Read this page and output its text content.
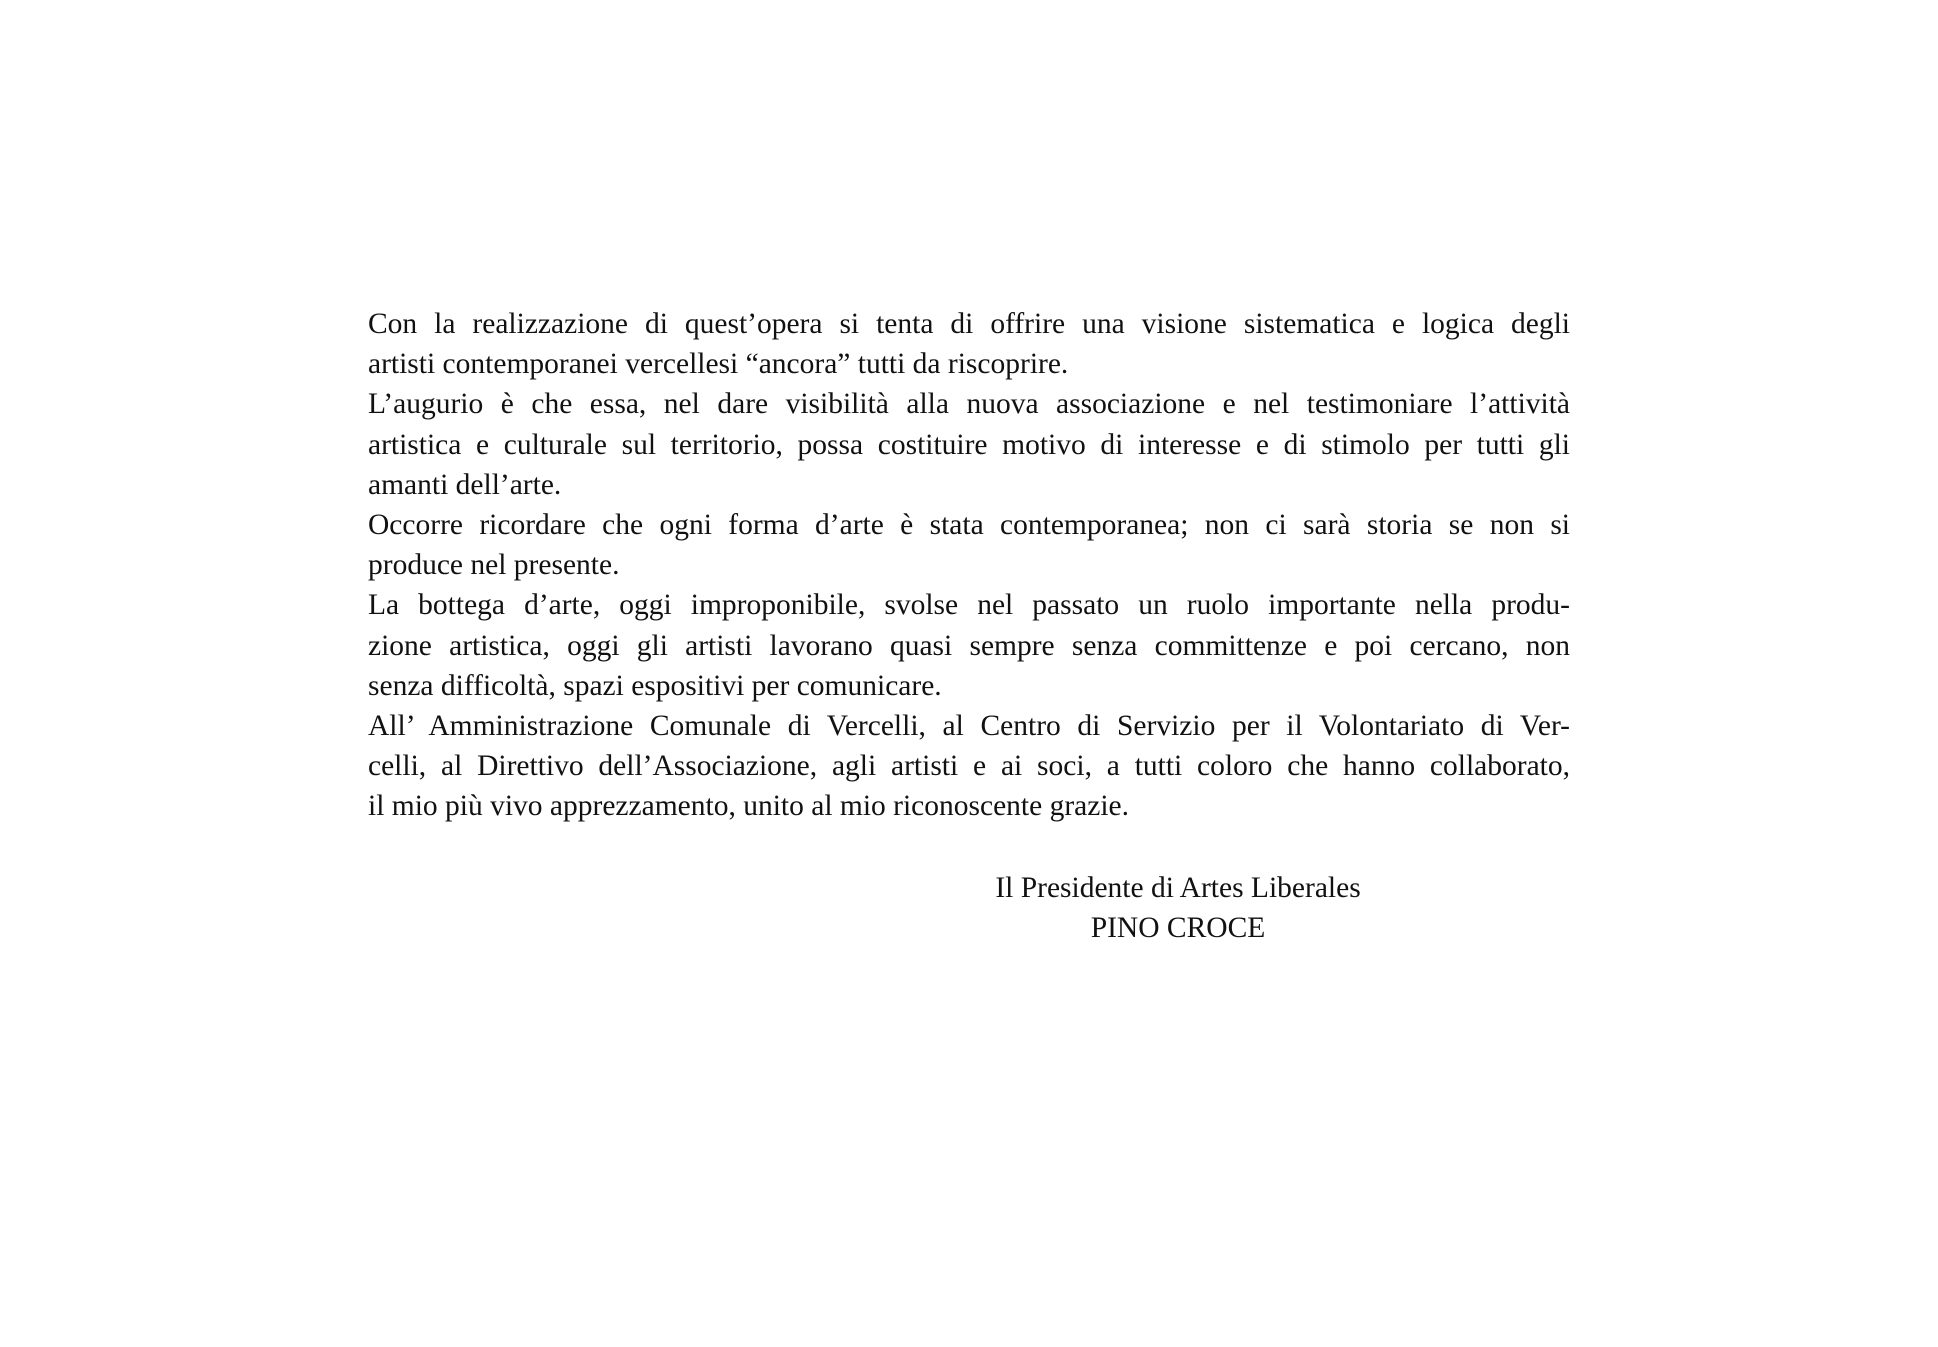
Con la realizzazione di quest’opera si tenta di offrire una visione sistematica e logica degli
artisti contemporanei vercellesi “ancora” tutti da riscoprire.
L’augurio è che essa, nel dare visibilità alla nuova associazione e nel testimoniare l’attività
artistica e culturale sul territorio, possa costituire motivo di interesse e di stimolo per tutti gli
amanti dell’arte.
Occorre ricordare che ogni forma d’arte è stata contemporanea; non ci sarà storia se non si
produce nel presente.
La bottega d’arte, oggi improponibile, svolse nel passato un ruolo importante nella produ-
zione artistica, oggi gli artisti lavorano quasi sempre senza committenze e poi cercano, non
senza difficoltà, spazi espositivi per comunicare.
All’ Amministrazione Comunale di Vercelli, al Centro di Servizio per il Volontariato di Ver-
celli, al Direttivo dell’Associazione, agli artisti e ai soci, a tutti coloro che hanno collaborato,
il mio più vivo apprezzamento, unito al mio riconoscente grazie.
Il Presidente di Artes Liberales
PINO CROCE
